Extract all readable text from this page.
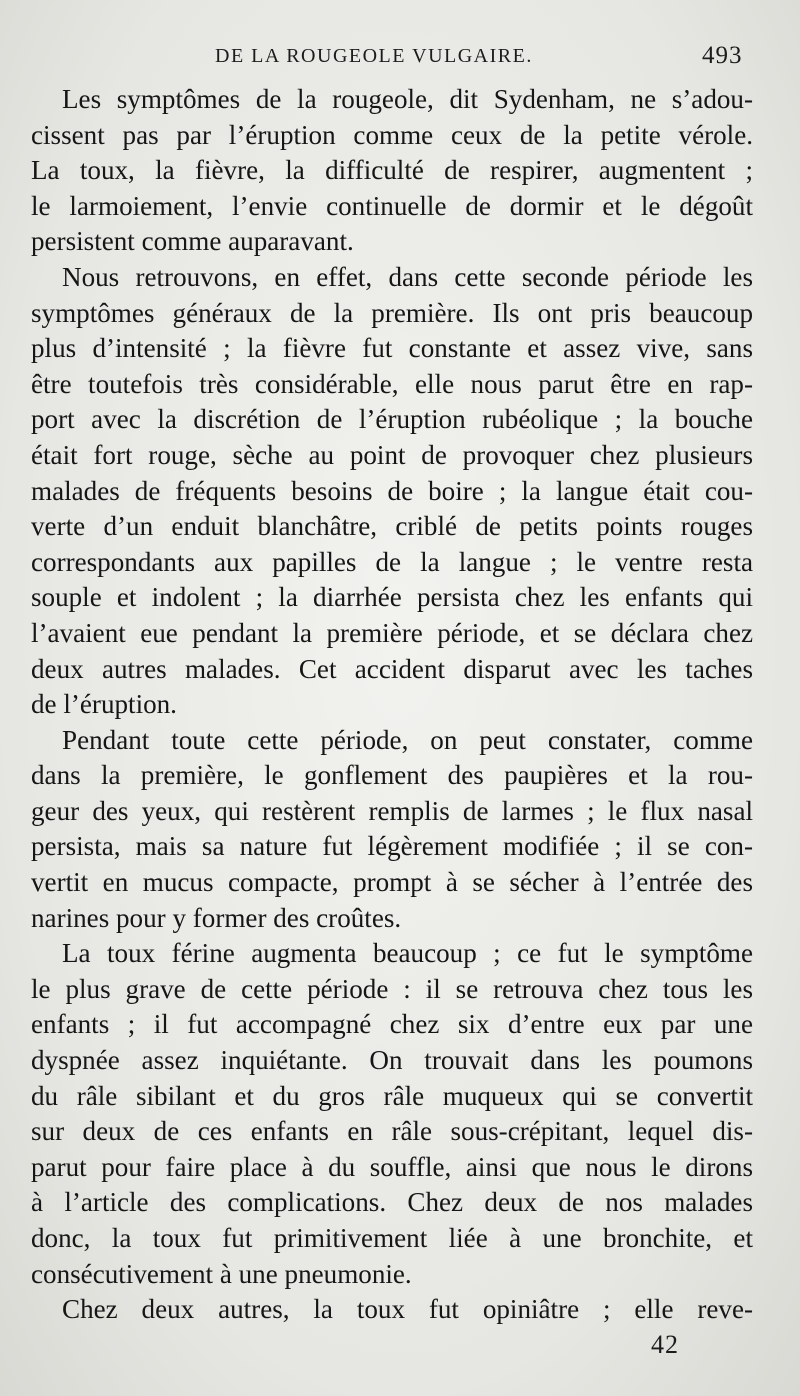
DE LA ROUGEOLE VULGAIRE.	493
Les symptômes de la rougeole, dit Sydenham, ne s’adou-
cissent pas par l’éruption comme ceux de la petite vérole.
La toux, la fièvre, la difficulté de respirer, augmentent ;
le larmoiement, l’envie continuelle de dormir et le dégoût
persistent comme auparavant.
Nous retrouvons, en effet, dans cette seconde période les
symptômes généraux de la première. Ils ont pris beaucoup
plus d’intensité ; la fièvre fut constante et assez vive, sans
être toutefois très considérable, elle nous parut être en rap-
port avec la discrétion de l’éruption rubéolique ; la bouche
était fort rouge, sèche au point de provoquer chez plusieurs
malades de fréquents besoins de boire ; la langue était cou-
verte d’un enduit blanchâtre, criblé de petits points rouges
correspondants aux papilles de la langue ; le ventre resta
souple et indolent ; la diarrhée persista chez les enfants qui
l’avaient eue pendant la première période, et se déclara chez
deux autres malades. Cet accident disparut avec les taches
de l’éruption.
Pendant toute cette période, on peut constater, comme
dans la première, le gonflement des paupières et la rou-
geur des yeux, qui restèrent remplis de larmes ; le flux nasal
persista, mais sa nature fut légèrement modifiée ; il se con-
vertit en mucus compacte, prompt à se sécher à l’entrée des
narines pour y former des croûtes.
La toux férine augmenta beaucoup ; ce fut le symptôme
le plus grave de cette période : il se retrouva chez tous les
enfants ; il fut accompagné chez six d’entre eux par une
dyspnée assez inquiétante. On trouvait dans les poumons
du râle sibilant et du gros râle muqueux qui se convertit
sur deux de ces enfants en râle sous-crépitant, lequel dis-
parut pour faire place à du souffle, ainsi que nous le dirons
à l’article des complications. Chez deux de nos malades
donc, la toux fut primitivement liée à une bronchite, et
consécutivement à une pneumonie.
Chez deux autres, la toux fut opiniâtre ; elle reve-
42
